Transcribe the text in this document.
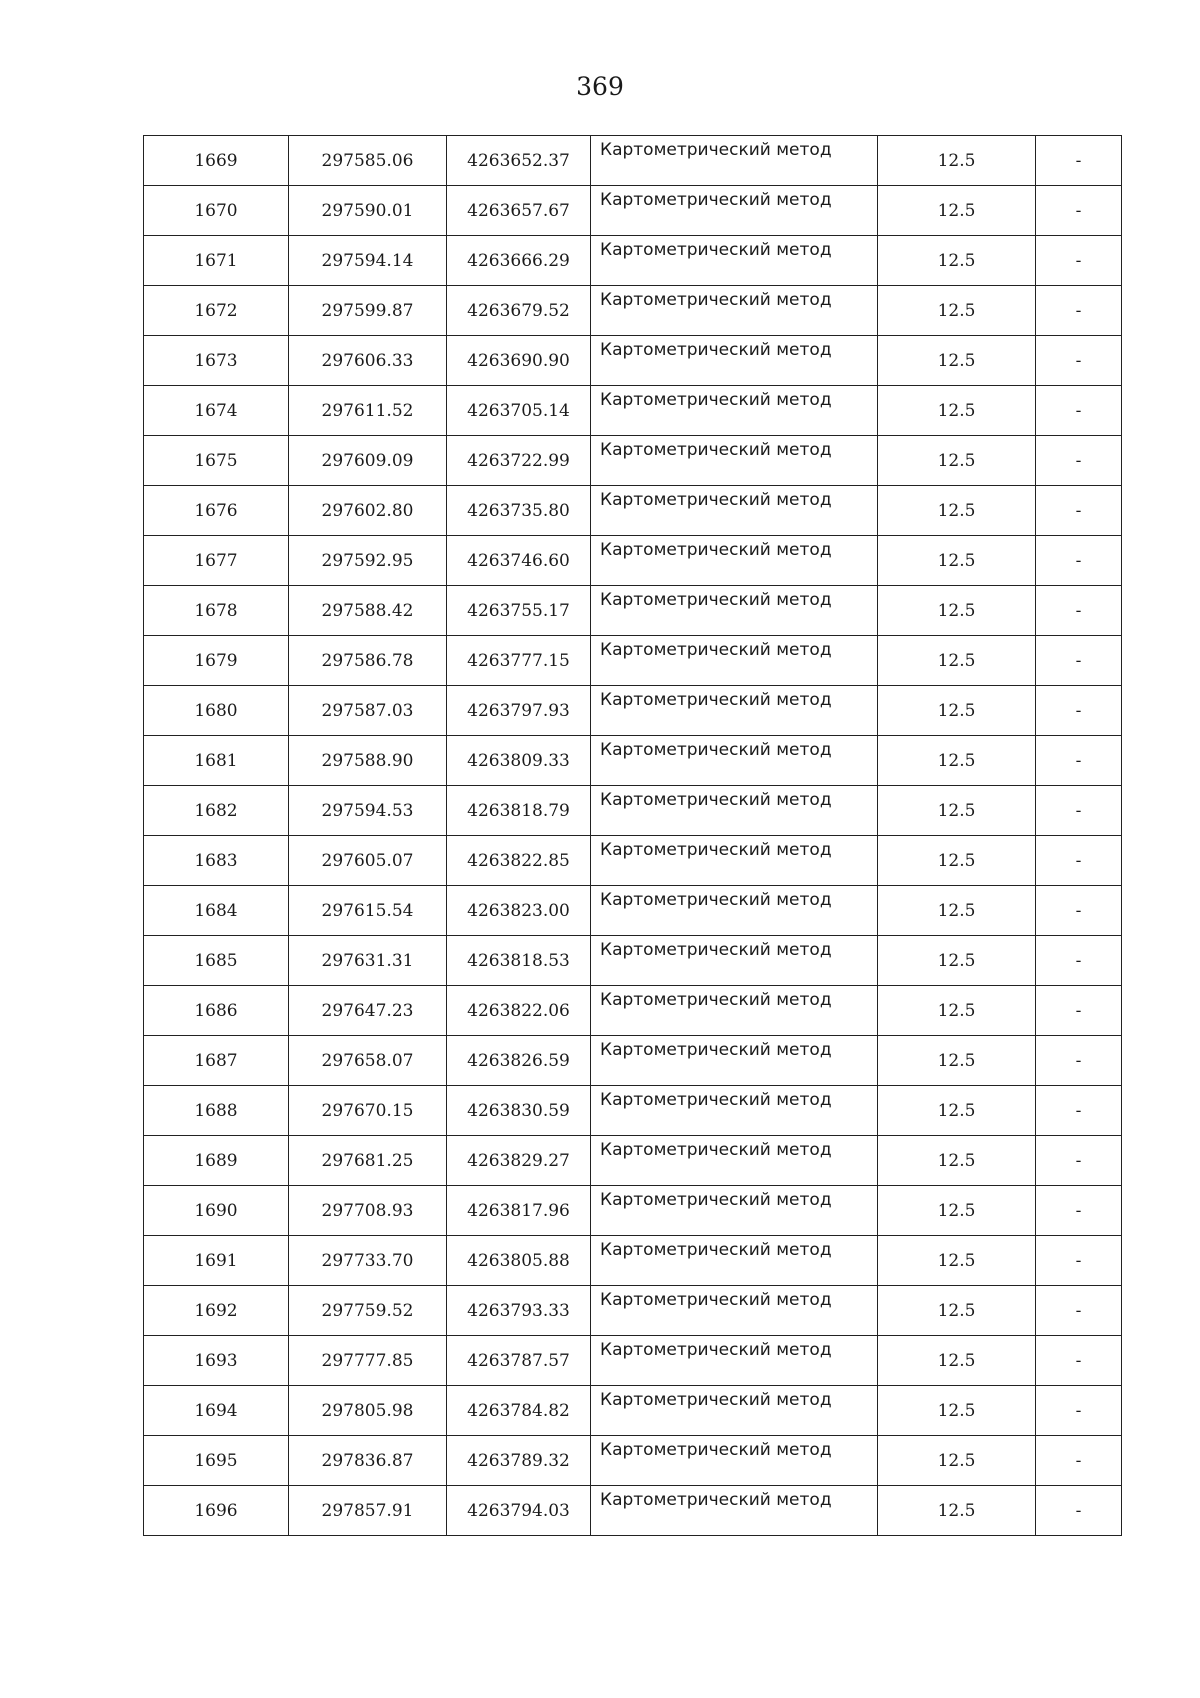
369
1669	297585.06	4263652.37	Картометрический метод	12.5	-
1670	297590.01	4263657.67	Картометрический метод	12.5	-
1671	297594.14	4263666.29	Картометрический метод	12.5	-
1672	297599.87	4263679.52	Картометрический метод	12.5	-
1673	297606.33	4263690.90	Картометрический метод	12.5	-
1674	297611.52	4263705.14	Картометрический метод	12.5	-
1675	297609.09	4263722.99	Картометрический метод	12.5	-
1676	297602.80	4263735.80	Картометрический метод	12.5	-
1677	297592.95	4263746.60	Картометрический метод	12.5	-
1678	297588.42	4263755.17	Картометрический метод	12.5	-
1679	297586.78	4263777.15	Картометрический метод	12.5	-
1680	297587.03	4263797.93	Картометрический метод	12.5	-
1681	297588.90	4263809.33	Картометрический метод	12.5	-
1682	297594.53	4263818.79	Картометрический метод	12.5	-
1683	297605.07	4263822.85	Картометрический метод	12.5	-
1684	297615.54	4263823.00	Картометрический метод	12.5	-
1685	297631.31	4263818.53	Картометрический метод	12.5	-
1686	297647.23	4263822.06	Картометрический метод	12.5	-
1687	297658.07	4263826.59	Картометрический метод	12.5	-
1688	297670.15	4263830.59	Картометрический метод	12.5	-
1689	297681.25	4263829.27	Картометрический метод	12.5	-
1690	297708.93	4263817.96	Картометрический метод	12.5	-
1691	297733.70	4263805.88	Картометрический метод	12.5	-
1692	297759.52	4263793.33	Картометрический метод	12.5	-
1693	297777.85	4263787.57	Картометрический метод	12.5	-
1694	297805.98	4263784.82	Картометрический метод	12.5	-
1695	297836.87	4263789.32	Картометрический метод	12.5	-
1696	297857.91	4263794.03	Картометрический метод	12.5	-
